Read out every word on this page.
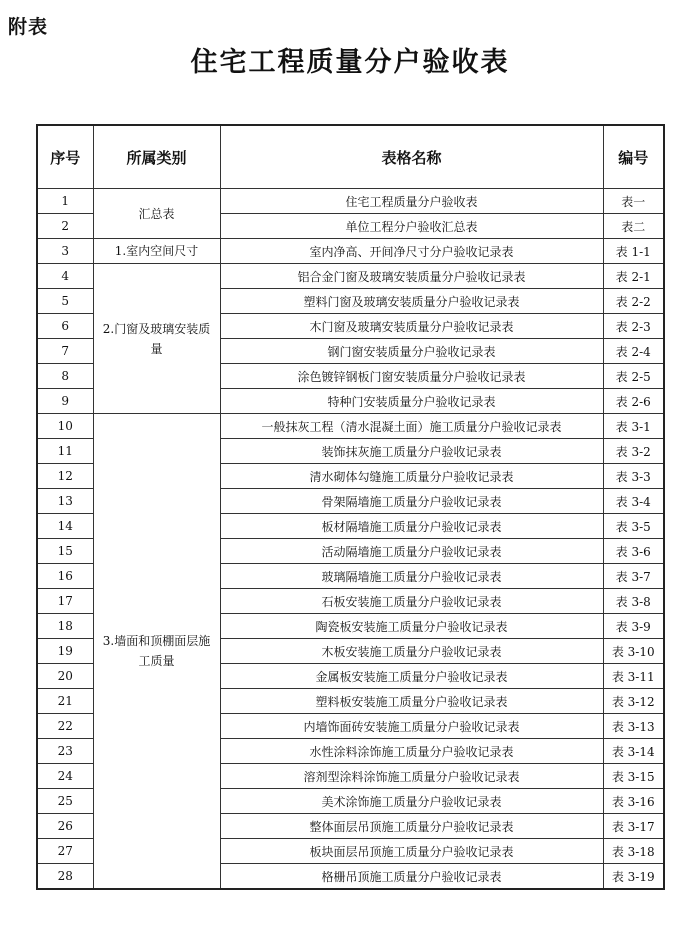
附表
住宅工程质量分户验收表
序号	所属类别	表格名称	编号
1	汇总表	住宅工程质量分户验收表	表一
2		单位工程分户验收汇总表	表二
3	1.室内空间尺寸	室内净高、开间净尺寸分户验收记录表	表 1-1
4	2.门窗及玻璃安装质量	铝合金门窗及玻璃安装质量分户验收记录表	表 2-1
5		塑料门窗及玻璃安装质量分户验收记录表	表 2-2
6		木门窗及玻璃安装质量分户验收记录表	表 2-3
7		钢门窗安装质量分户验收记录表	表 2-4
8		涂色镀锌钢板门窗安装质量分户验收记录表	表 2-5
9		特种门安装质量分户验收记录表	表 2-6
10	3.墙面和顶棚面层施工质量	一般抹灰工程（清水混凝土面）施工质量分户验收记录表	表 3-1
11		装饰抹灰施工质量分户验收记录表	表 3-2
12		清水砌体勾缝施工质量分户验收记录表	表 3-3
13		骨架隔墙施工质量分户验收记录表	表 3-4
14		板材隔墙施工质量分户验收记录表	表 3-5
15		活动隔墙施工质量分户验收记录表	表 3-6
16		玻璃隔墙施工质量分户验收记录表	表 3-7
17		石板安装施工质量分户验收记录表	表 3-8
18		陶瓷板安装施工质量分户验收记录表	表 3-9
19		木板安装施工质量分户验收记录表	表 3-10
20		金属板安装施工质量分户验收记录表	表 3-11
21		塑料板安装施工质量分户验收记录表	表 3-12
22		内墙饰面砖安装施工质量分户验收记录表	表 3-13
23		水性涂料涂饰施工质量分户验收记录表	表 3-14
24		溶剂型涂料涂饰施工质量分户验收记录表	表 3-15
25		美术涂饰施工质量分户验收记录表	表 3-16
26		整体面层吊顶施工质量分户验收记录表	表 3-17
27		板块面层吊顶施工质量分户验收记录表	表 3-18
28		格栅吊顶施工质量分户验收记录表	表 3-19
